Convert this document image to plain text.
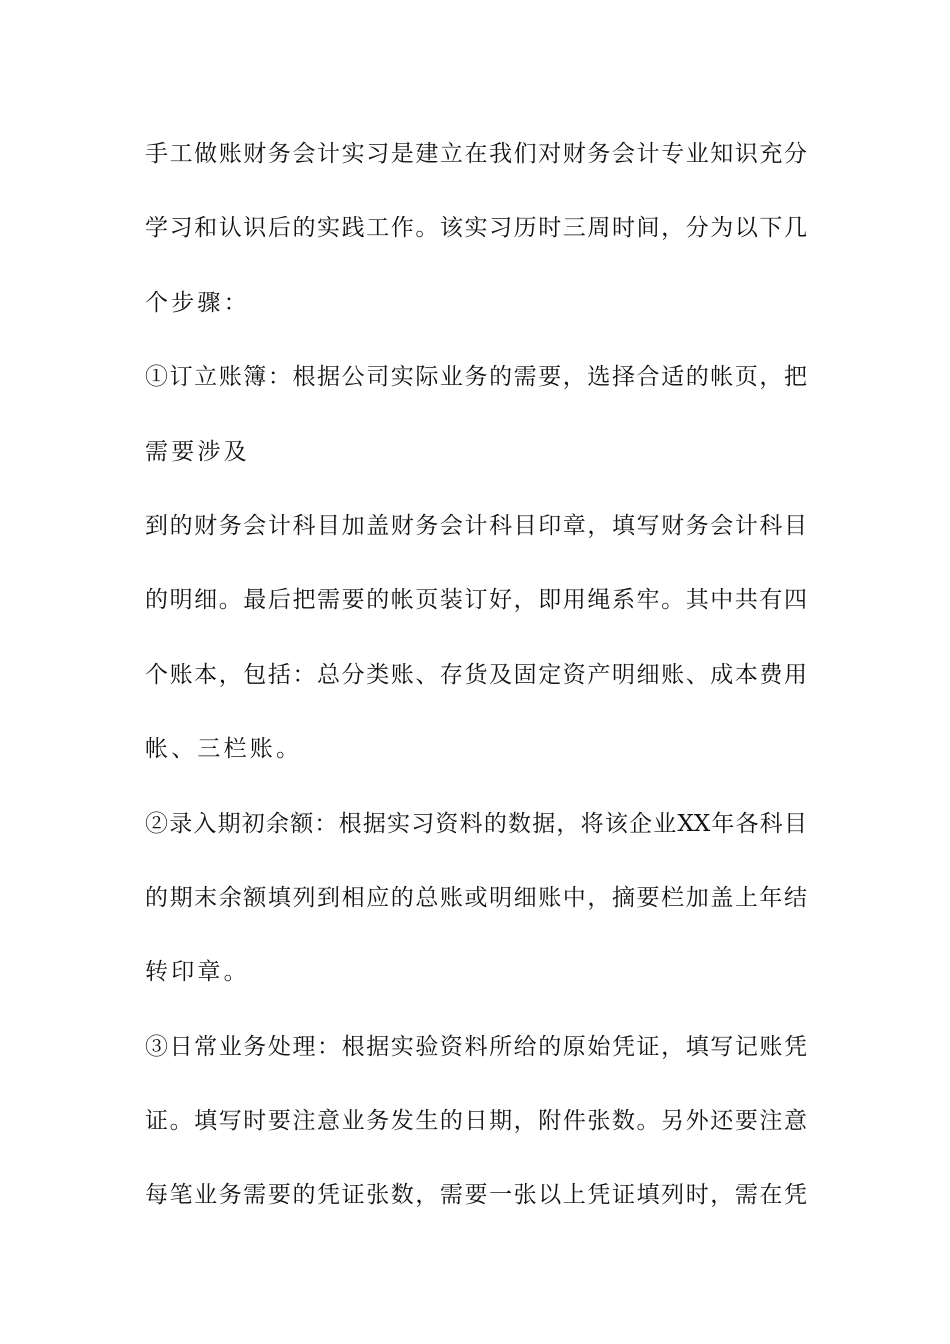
手工做账财务会计实习是建立在我们对财务会计专业知识充分
学习和认识后的实践工作。该实习历时三周时间，分为以下几
个步骤：
①订立账簿：根据公司实际业务的需要，选择合适的帐页，把
需要涉及
到的财务会计科目加盖财务会计科目印章，填写财务会计科目
的明细。最后把需要的帐页装订好，即用绳系牢。其中共有四
个账本，包括：总分类账、存货及固定资产明细账、成本费用
帐、三栏账。
②录入期初余额：根据实习资料的数据，将该企业XX年各科目
的期末余额填列到相应的总账或明细账中，摘要栏加盖上年结
转印章。
③日常业务处理：根据实验资料所给的原始凭证，填写记账凭
证。填写时要注意业务发生的日期，附件张数。另外还要注意
每笔业务需要的凭证张数，需要一张以上凭证填列时，需在凭
